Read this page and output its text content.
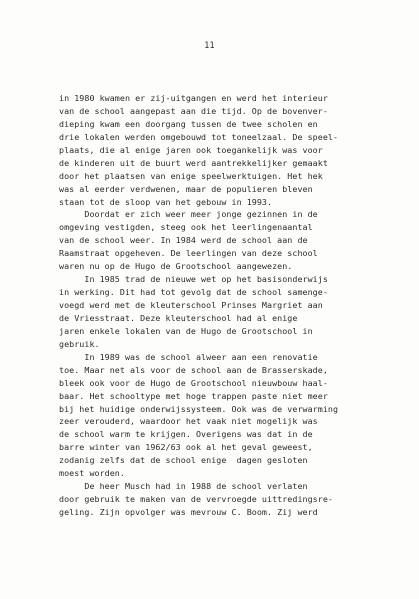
11
in 1980 kwamen er zij-uitgangen en werd het interieur
van de school aangepast aan die tijd. Op de bovenver-
dieping kwam een doorgang tussen de twee scholen en
drie lokalen werden omgebouwd tot toneelzaal. De speel-
plaats, die al enige jaren ook toegankelijk was voor
de kinderen uit de buurt werd aantrekkelijker gemaakt
door het plaatsen van enige speelwerktuigen. Het hek
was al eerder verdwenen, maar de populieren bleven
staan tot de sloop van het gebouw in 1993.
Doordat er zich weer meer jonge gezinnen in de
omgeving vestigden, steeg ook het leerlingenaantal
van de school weer. In 1984 werd de school aan de
Raamstraat opgeheven. De leerlingen van deze school
waren nu op de Hugo de Grootschool aangewezen.
In 1985 trad de nieuwe wet op het basisonderwijs
in werking. Dit had tot gevolg dat de school samenge-
voegd werd met de kleuterschool Prinses Margriet aan
de Vriesstraat. Deze kleuterschool had al enige
jaren enkele lokalen van de Hugo de Grootschool in
gebruik.
In 1989 was de school alweer aan een renovatie
toe. Maar net als voor de school aan de Brasserskade,
bleek ook voor de Hugo de Grootschool nieuwbouw haal-
baar. Het schooltype met hoge trappen paste niet meer
bij het huidige onderwijssysteem. Ook was de verwarming
zeer verouderd, waardoor het vaak niet mogelijk was
de school warm te krijgen. Overigens was dat in de
barre winter van 1962/63 ook al het geval geweest,
zodanig zelfs dat de school enige  dagen gesloten
moest worden.
De heer Musch had in 1988 de school verlaten
door gebruik te maken van de vervroegde uittredingsre-
geling. Zijn opvolger was mevrouw C. Boom. Zij werd
